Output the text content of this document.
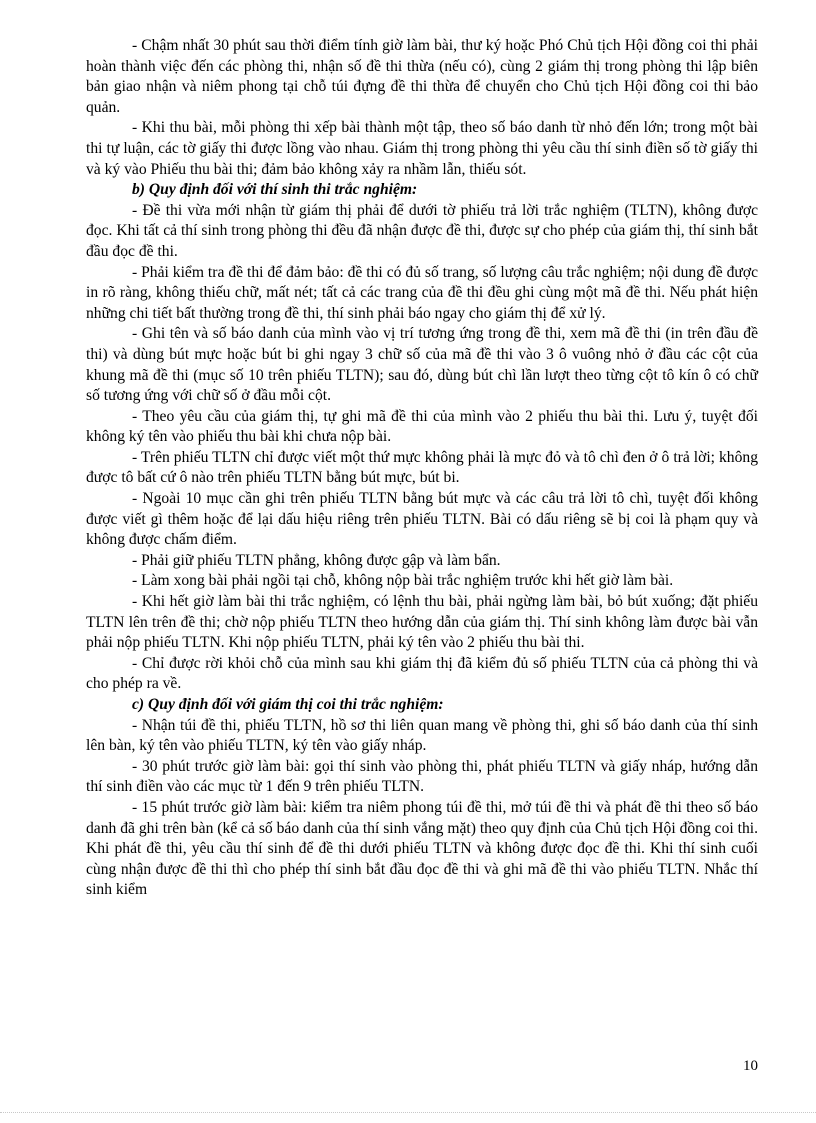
- Chậm nhất 30 phút sau thời điểm tính giờ làm bài, thư ký hoặc Phó Chủ tịch Hội đồng coi thi phải hoàn thành việc đến các phòng thi, nhận số đề thi thừa (nếu có), cùng 2 giám thị trong phòng thi lập biên bản giao nhận và niêm phong tại chỗ túi đựng đề thi thừa để chuyển cho Chủ tịch Hội đồng coi thi bảo quản.

- Khi thu bài, mỗi phòng thi xếp bài thành một tập, theo số báo danh từ nhỏ đến lớn; trong một bài thi tự luận, các tờ giấy thi được lồng vào nhau. Giám thị trong phòng thi yêu cầu thí sinh điền số tờ giấy thi và ký vào Phiếu thu bài thi; đảm bảo không xảy ra nhầm lẫn, thiếu sót.

b) Quy định đối với thí sinh thi trắc nghiệm:

- Đề thi vừa mới nhận từ giám thị phải để dưới tờ phiếu trả lời trắc nghiệm (TLTN), không được đọc. Khi tất cả thí sinh trong phòng thi đều đã nhận được đề thi, được sự cho phép của giám thị, thí sinh bắt đầu đọc đề thi.

- Phải kiểm tra đề thi để đảm bảo: đề thi có đủ số trang, số lượng câu trắc nghiệm; nội dung đề được in rõ ràng, không thiếu chữ, mất nét; tất cả các trang của đề thi đều ghi cùng một mã đề thi. Nếu phát hiện những chi tiết bất thường trong đề thi, thí sinh phải báo ngay cho giám thị để xử lý.

- Ghi tên và số báo danh của mình vào vị trí tương ứng trong đề thi, xem mã đề thi (in trên đầu đề thi) và dùng bút mực hoặc bút bi ghi ngay 3 chữ số của mã đề thi vào 3 ô vuông nhỏ ở đầu các cột của khung mã đề thi (mục số 10 trên phiếu TLTN); sau đó, dùng bút chì lần lượt theo từng cột tô kín ô có chữ số tương ứng với chữ số ở đầu mỗi cột.

- Theo yêu cầu của giám thị, tự ghi mã đề thi của mình vào 2 phiếu thu bài thi. Lưu ý, tuyệt đối không ký tên vào phiếu thu bài khi chưa nộp bài.

- Trên phiếu TLTN chỉ được viết một thứ mực không phải là mực đỏ và tô chì đen ở ô trả lời; không được tô bất cứ ô nào trên phiếu TLTN bằng bút mực, bút bi.

- Ngoài 10 mục cần ghi trên phiếu TLTN bằng bút mực và các câu trả lời tô chì, tuyệt đối không được viết gì thêm hoặc để lại dấu hiệu riêng trên phiếu TLTN. Bài có dấu riêng sẽ bị coi là phạm quy và không được chấm điểm.

- Phải giữ phiếu TLTN phẳng, không được gập và làm bẩn.

- Làm xong bài phải ngồi tại chỗ, không nộp bài trắc nghiệm trước khi hết giờ làm bài.

- Khi hết giờ làm bài thi trắc nghiệm, có lệnh thu bài, phải ngừng làm bài, bỏ bút xuống; đặt phiếu TLTN lên trên đề thi; chờ nộp phiếu TLTN theo hướng dẫn của giám thị. Thí sinh không làm được bài vẫn phải nộp phiếu TLTN. Khi nộp phiếu TLTN, phải ký tên vào 2 phiếu thu bài thi.

- Chỉ được rời khỏi chỗ của mình sau khi giám thị đã kiểm đủ số phiếu TLTN của cả phòng thi và cho phép ra về.

c) Quy định đối với giám thị coi thi trắc nghiệm:

- Nhận túi đề thi, phiếu TLTN, hồ sơ thi liên quan mang về phòng thi, ghi số báo danh của thí sinh lên bàn, ký tên vào phiếu TLTN, ký tên vào giấy nháp.

- 30 phút trước giờ làm bài: gọi thí sinh vào phòng thi, phát phiếu TLTN và giấy nháp, hướng dẫn thí sinh điền vào các mục từ 1 đến 9 trên phiếu TLTN.

- 15 phút trước giờ làm bài: kiểm tra niêm phong túi đề thi, mở túi đề thi và phát đề thi theo số báo danh đã ghi trên bàn (kể cả số báo danh của thí sinh vắng mặt) theo quy định của Chủ tịch Hội đồng coi thi. Khi phát đề thi, yêu cầu thí sinh để đề thi dưới phiếu TLTN và không được đọc đề thi. Khi thí sinh cuối cùng nhận được đề thi thì cho phép thí sinh bắt đầu đọc đề thi và ghi mã đề thi vào phiếu TLTN. Nhắc thí sinh kiểm

10
